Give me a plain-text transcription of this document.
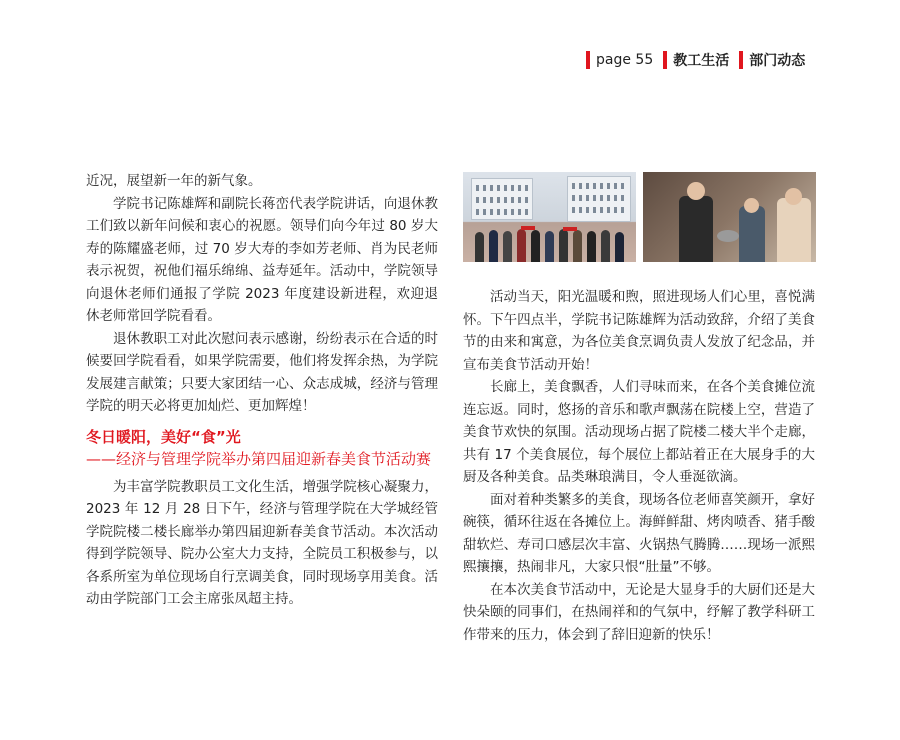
page 55 教工生活 部门动态

近况，展望新一年的新气象。

学院书记陈雄辉和副院长蒋峦代表学院讲话，向退休教工们致以新年问候和衷心的祝愿。领导们向今年过 80 岁大寿的陈耀盛老师，过 70 岁大寿的李如芳老师、肖为民老师表示祝贺，祝他们福乐绵绵、益寿延年。活动中，学院领导向退休老师们通报了学院 2023 年度建设新进程，欢迎退休老师常回学院看看。

退休教职工对此次慰问表示感谢，纷纷表示在合适的时候要回学院看看，如果学院需要，他们将发挥余热，为学院发展建言献策；只要大家团结一心、众志成城，经济与管理学院的明天必将更加灿烂、更加辉煌！

冬日暖阳，美好“食”光
——经济与管理学院举办第四届迎新春美食节活动赛

为丰富学院教职员工文化生活，增强学院核心凝聚力，2023 年 12 月 28 日下午，经济与管理学院在大学城经管学院院楼二楼长廊举办第四届迎新春美食节活动。本次活动得到学院领导、院办公室大力支持，全院员工积极参与，以各系所室为单位现场自行烹调美食，同时现场享用美食。活动由学院部门工会主席张凤超主持。

活动当天，阳光温暖和煦，照进现场人们心里，喜悦满怀。下午四点半，学院书记陈雄辉为活动致辞，介绍了美食节的由来和寓意，为各位美食烹调负责人发放了纪念品，并宣布美食节活动开始！

长廊上，美食飘香，人们寻味而来，在各个美食摊位流连忘返。同时，悠扬的音乐和歌声飘荡在院楼上空，营造了美食节欢快的氛围。活动现场占据了院楼二楼大半个走廊，共有 17 个美食展位，每个展位上都站着正在大展身手的大厨及各种美食。品类琳琅满目，令人垂涎欲滴。

面对着种类繁多的美食，现场各位老师喜笑颜开，拿好碗筷，循环往返在各摊位上。海鲜鲜甜、烤肉喷香、猪手酸甜软烂、寿司口感层次丰富、火锅热气腾腾……现场一派熙熙攘攘，热闹非凡，大家只恨“肚量”不够。

在本次美食节活动中，无论是大显身手的大厨们还是大快朵颐的同事们，在热闹祥和的气氛中，纾解了教学科研工作带来的压力，体会到了辞旧迎新的快乐！
